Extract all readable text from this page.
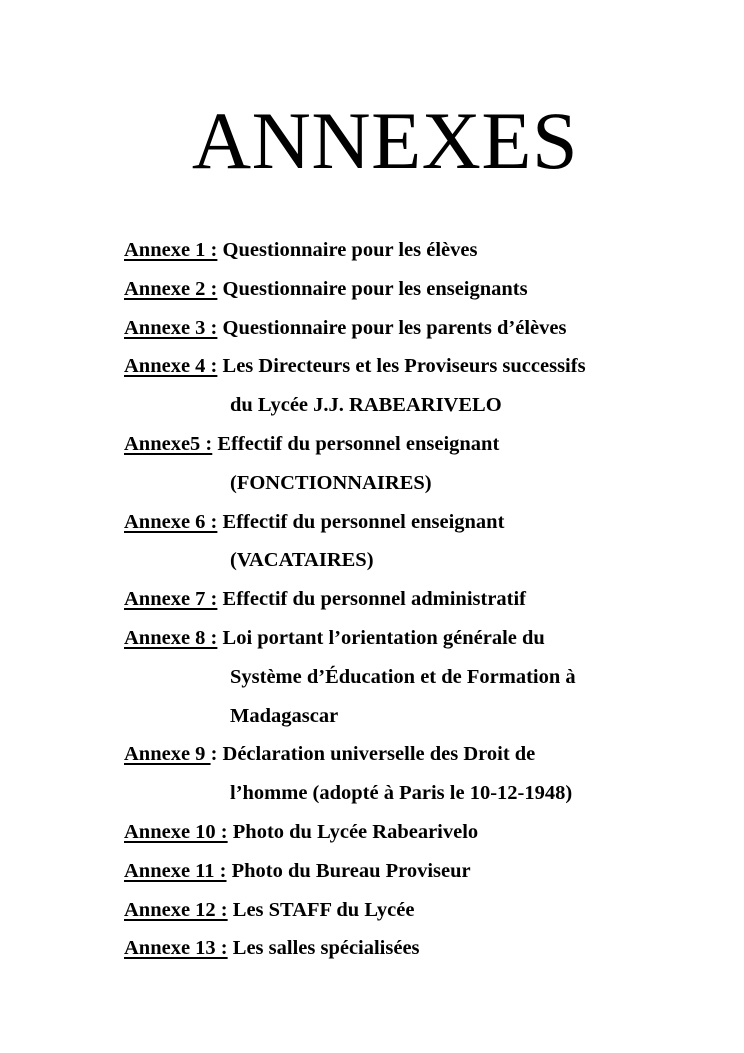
ANNEXES
Annexe 1 : Questionnaire pour les élèves
Annexe 2 : Questionnaire pour les enseignants
Annexe 3 : Questionnaire pour les parents d’élèves
Annexe 4 : Les Directeurs et les Proviseurs successifs
du Lycée J.J. RABEARIVELO
Annexe5 : Effectif du personnel enseignant
(FONCTIONNAIRES)
Annexe 6 : Effectif du personnel enseignant
(VACATAIRES)
Annexe 7 : Effectif du personnel administratif
Annexe 8 : Loi portant l’orientation générale du
Système d’Éducation et de Formation à
Madagascar
Annexe 9 : Déclaration universelle des Droit de
l’homme (adopté à Paris le 10-12-1948)
Annexe 10 : Photo du Lycée Rabearivelo
Annexe 11 : Photo du Bureau Proviseur
Annexe 12 : Les STAFF du Lycée
Annexe 13 : Les salles spécialisées
